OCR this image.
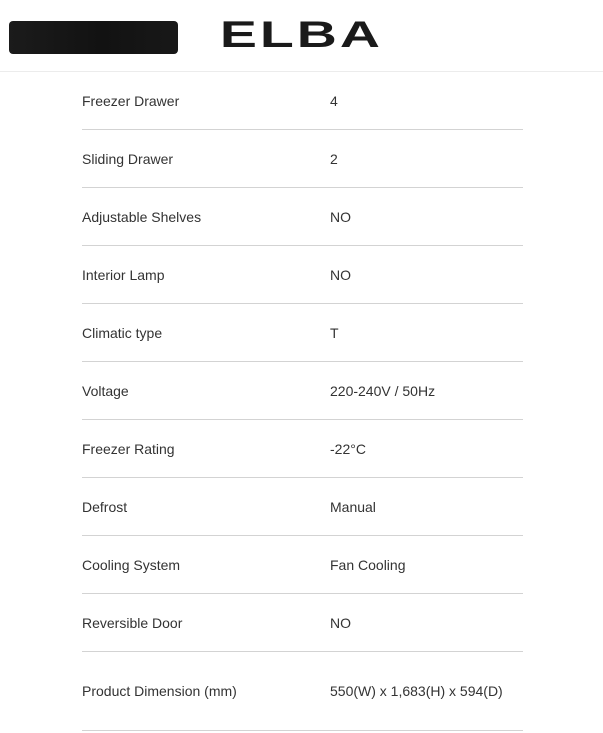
ELBA
Freezer Drawer	4
Sliding Drawer	2
Adjustable Shelves	NO
Interior Lamp	NO
Climatic type	T
Voltage	220-240V / 50Hz
Freezer Rating	-22°C
Defrost	Manual
Cooling System	Fan Cooling
Reversible Door	NO
Product Dimension (mm)	550(W) x 1,683(H) x 594(D)
